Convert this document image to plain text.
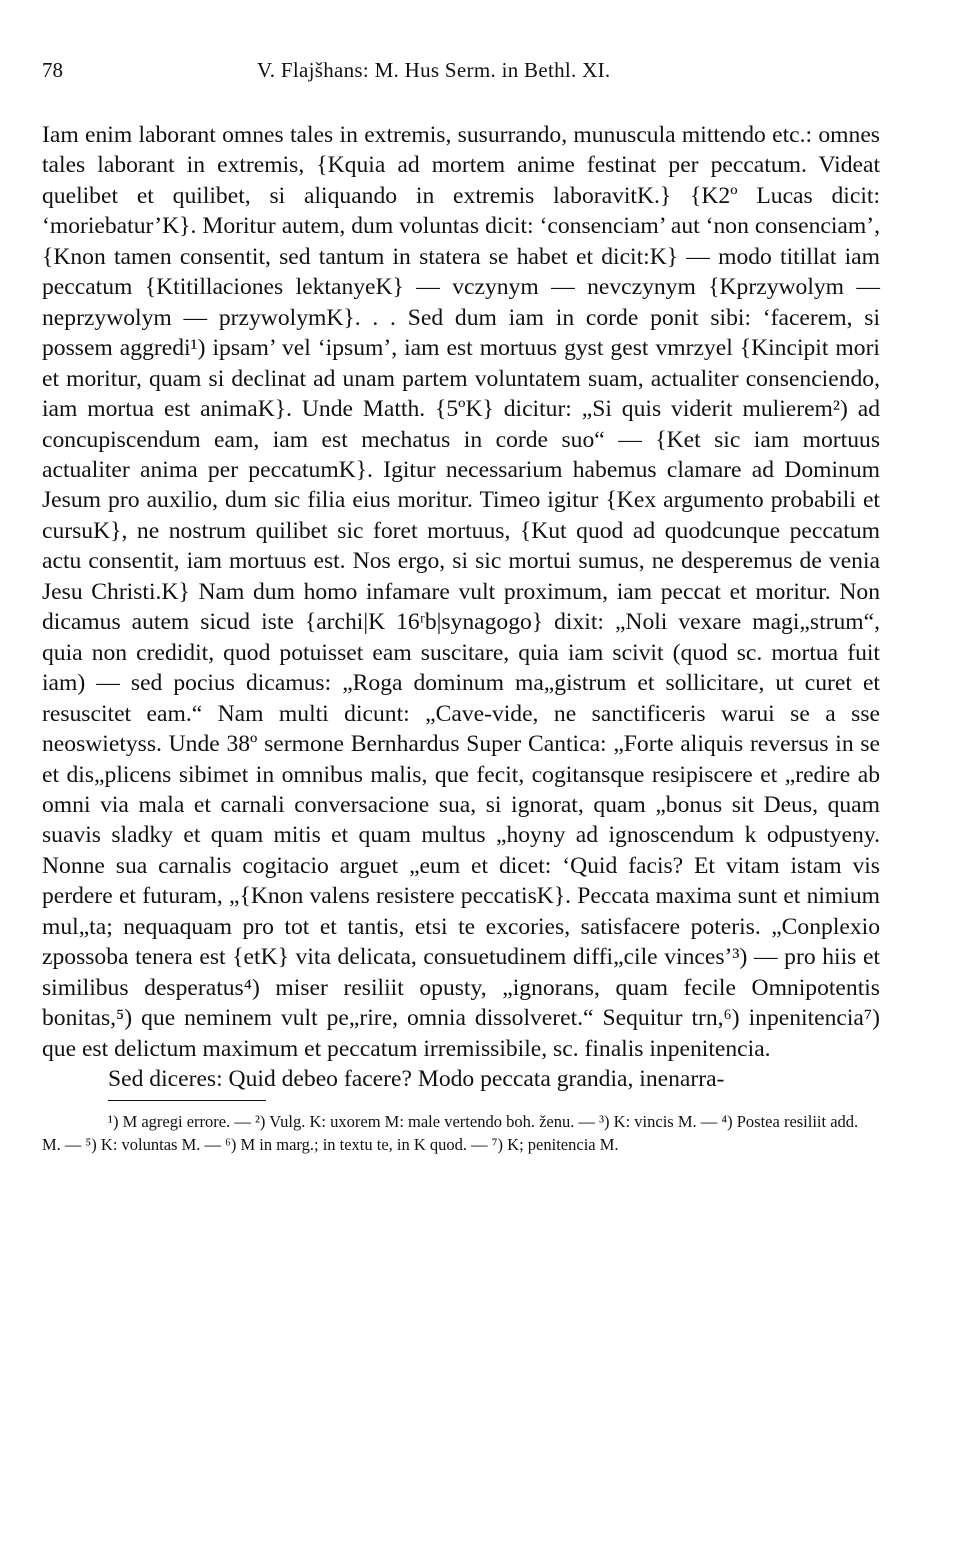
78	V. Flajšhans: M. Hus Serm. in Bethl. XI.

Iam enim laborant omnes tales in extremis, susurrando, munuscula mittendo etc.: omnes tales laborant in extremis, {Kquia ad mortem anime festinat per peccatum. Videat quelibet et quilibet, si aliquando in extremis laboravitK.} {K2º Lucas dicit: ‘moriebatur’K}. Moritur autem, dum voluntas dicit: ‘consenciam’ aut ‘non consenciam’, {Knon tamen consentit, sed tantum in statera se habet et dicit:K} — modo titillat iam peccatum {Ktitillaciones lektanyeK} — vczynym — nevczynym {Kprzywolym — neprzywolym — przywolymK}. . . Sed dum iam in corde ponit sibi: ‘facerem, si possem aggredi¹) ipsam’ vel ‘ipsum’, iam est mortuus gyst gest vmrzyel {Kincipit mori et moritur, quam si declinat ad unam partem voluntatem suam, actualiter consenciendo, iam mortua est animaK}. Unde Matth. {5ºK} dicitur: „Si quis viderit mulierem²) ad concupiscendum eam, iam est mechatus in corde suo“ — {Ket sic iam mortuus actualiter anima per peccatumK}. Igitur necessarium habemus clamare ad Dominum Jesum pro auxilio, dum sic filia eius moritur. Timeo igitur {Kex argumento probabili et cursuK}, ne nostrum quilibet sic foret mortuus, {Kut quod ad quodcunque peccatum actu consentit, iam mortuus est. Nos ergo, si sic mortui sumus, ne desperemus de venia Jesu Christi.K} Nam dum homo infamare vult proximum, iam peccat et moritur. Non dicamus autem sicud iste {archi|K 16ʳb|synagogo} dixit: „Noli vexare magi„strum“, quia non credidit, quod potuisset eam suscitare, quia iam scivit (quod sc. mortua fuit iam) — sed pocius dicamus: „Roga dominum ma„gistrum et sollicitare, ut curet et resuscitet eam.“ Nam multi dicunt: „Cave-vide, ne sanctificeris warui se a sse neoswietyss. Unde 38º sermone Bernhardus Super Cantica: „Forte aliquis reversus in se et dis„plicens sibimet in omnibus malis, que fecit, cogitansque resipiscere et „redire ab omni via mala et carnali conversacione sua, si ignorat, quam „bonus sit Deus, quam suavis sladky et quam mitis et quam multus „hoyny ad ignoscendum k odpustyeny. Nonne sua carnalis cogitacio arguet „eum et dicet: ‘Quid facis? Et vitam istam vis perdere et futuram, „{Knon valens resistere peccatisK}. Peccata maxima sunt et nimium mul„ta; nequaquam pro tot et tantis, etsi te excories, satisfacere poteris. „Conplexio zpossoba tenera est {etK} vita delicata, consuetudinem diffi„cile vinces’³) — pro hiis et similibus desperatus⁴) miser resiliit opusty, „ignorans, quam fecile Omnipotentis bonitas,⁵) que neminem vult pe„rire, omnia dissolveret.“ Sequitur trn,⁶) inpenitencia⁷) que est delictum maximum et peccatum irremissibile, sc. finalis inpenitencia.

Sed diceres: Quid debeo facere? Modo peccata grandia, inenarra-

¹) M agregi errore. — ²) Vulg. K: uxorem M: male vertendo boh. ženu. — ³) K: vincis M. — ⁴) Postea resiliit add. M. — ⁵) K: voluntas M. — ⁶) M in marg.; in textu te, in K quod. — ⁷) K; penitencia M.
